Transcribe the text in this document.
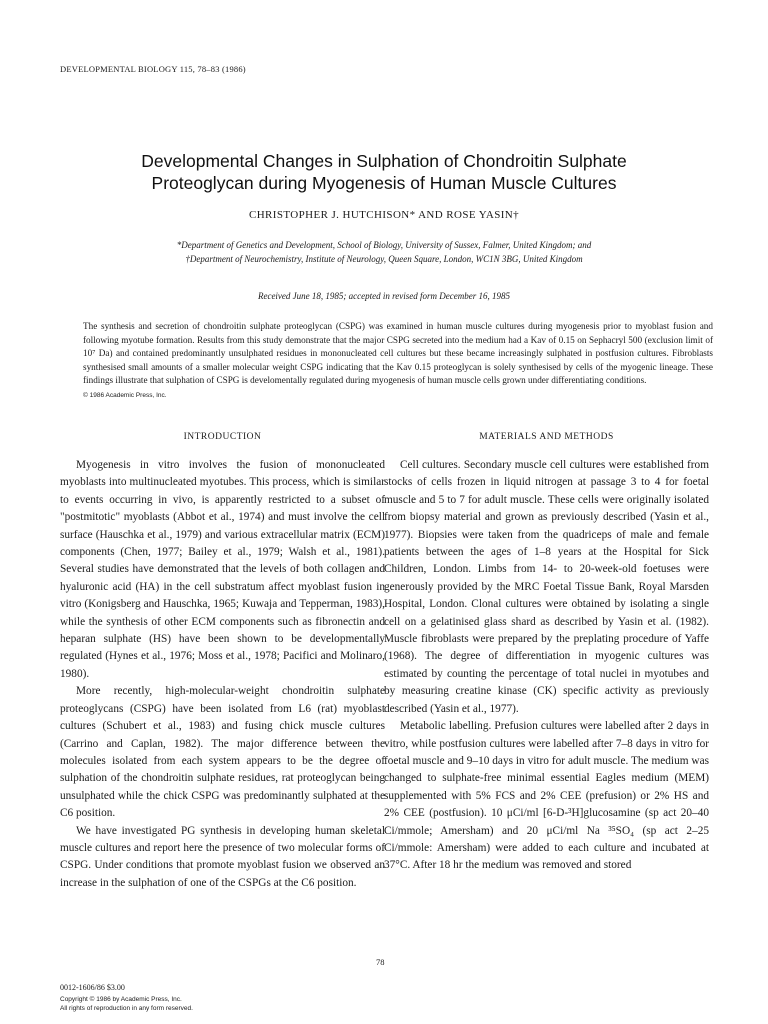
DEVELOPMENTAL BIOLOGY 115, 78–83 (1986)
Developmental Changes in Sulphation of Chondroitin Sulphate
Proteoglycan during Myogenesis of Human Muscle Cultures
CHRISTOPHER J. HUTCHISON* AND ROSE YASIN†
*Department of Genetics and Development, School of Biology, University of Sussex, Falmer, United Kingdom; and
†Department of Neurochemistry, Institute of Neurology, Queen Square, London, WC1N 3BG, United Kingdom
Received June 18, 1985; accepted in revised form December 16, 1985

The synthesis and secretion of chondroitin sulphate proteoglycan (CSPG) was examined in human muscle cultures during myogenesis prior to myoblast fusion and following myotube formation. Results from this study demonstrate that the major CSPG secreted into the medium had a Kav of 0.15 on Sephacryl 500 (exclusion limit of 10⁷ Da) and contained predominantly unsulphated residues in mononucleated cell cultures but these became increasingly sulphated in postfusion cultures. Fibroblasts synthesised small amounts of a smaller molecular weight CSPG indicating that the Kav 0.15 proteoglycan is solely synthesised by cells of the myogenic lineage. These findings illustrate that sulphation of CSPG is develomentally regulated during myogenesis of human muscle cells grown under differentiating conditions.

© 1986 Academic Press, Inc.

INTRODUCTION

Myogenesis in vitro involves the fusion of mononucleated myoblasts into multinucleated myotubes. This process, which is similar to events occurring in vivo, is apparently restricted to a subset of "postmitotic" myoblasts (Abbot et al., 1974) and must involve the cell surface (Hauschka et al., 1979) and various extracellular matrix (ECM) components (Chen, 1977; Bailey et al., 1979; Walsh et al., 1981). Several studies have demonstrated that the levels of both collagen and hyaluronic acid (HA) in the cell substratum affect myoblast fusion in vitro (Konigsberg and Hauschka, 1965; Kuwaja and Tepperman, 1983), while the synthesis of other ECM components such as fibronectin and heparan sulphate (HS) have been shown to be developmentally regulated (Hynes et al., 1976; Moss et al., 1978; Pacifici and Molinaro, 1980).

More recently, high-molecular-weight chondroitin sulphate proteoglycans (CSPG) have been isolated from L6 (rat) myoblast cultures (Schubert et al., 1983) and fusing chick muscle cultures (Carrino and Caplan, 1982). The major difference between the molecules isolated from each system appears to be the degree of sulphation of the chondroitin sulphate residues, rat proteoglycan being unsulphated while the chick CSPG was predominantly sulphated at the C6 position.

We have investigated PG synthesis in developing human skeletal muscle cultures and report here the presence of two molecular forms of CSPG. Under conditions that promote myoblast fusion we observed an increase in the sulphation of one of the CSPGs at the C6 position.

MATERIALS AND METHODS

Cell cultures. Secondary muscle cell cultures were established from stocks of cells frozen in liquid nitrogen at passage 3 to 4 for foetal muscle and 5 to 7 for adult muscle. These cells were originally isolated from biopsy material and grown as previously described (Yasin et al., 1977). Biopsies were taken from the quadriceps of male and female patients between the ages of 1–8 years at the Hospital for Sick Children, London. Limbs from 14- to 20-week-old foetuses were generously provided by the MRC Foetal Tissue Bank, Royal Marsden Hospital, London. Clonal cultures were obtained by isolating a single cell on a gelatinised glass shard as described by Yasin et al. (1982). Muscle fibroblasts were prepared by the preplating procedure of Yaffe (1968). The degree of differentiation in myogenic cultures was estimated by counting the percentage of total nuclei in myotubes and by measuring creatine kinase (CK) specific activity as previously described (Yasin et al., 1977).

Metabolic labelling. Prefusion cultures were labelled after 2 days in vitro, while postfusion cultures were labelled after 7–8 days in vitro for foetal muscle and 9–10 days in vitro for adult muscle. The medium was changed to sulphate-free minimal essential Eagles medium (MEM) supplemented with 5% FCS and 2% CEE (prefusion) or 2% HS and 2% CEE (postfusion). 10 μCi/ml [6-D-³H]glucosamine (sp act 20–40 Ci/mmole; Amersham) and 20 μCi/ml Na ³⁵SO₄ (sp act 2–25 Ci/mmole: Amersham) were added to each culture and incubated at 37°C. After 18 hr the medium was removed and stored

78
0012-1606/86 $3.00
Copyright © 1986 by Academic Press, Inc.
All rights of reproduction in any form reserved.
